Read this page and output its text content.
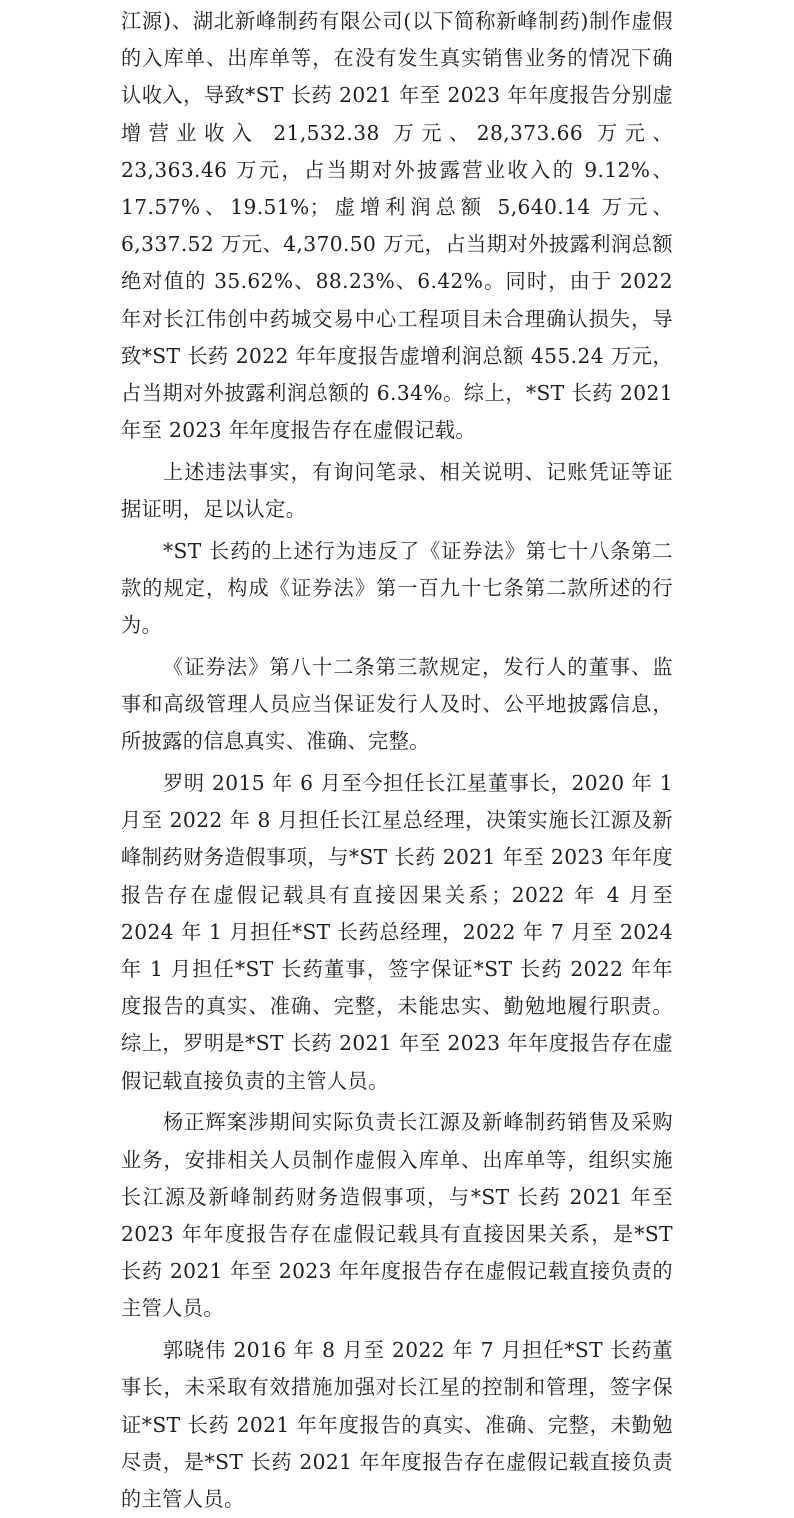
江源)、湖北新峰制药有限公司(以下简称新峰制药)制作虚假的入库单、出库单等，在没有发生真实销售业务的情况下确认收入，导致*ST 长药 2021 年至 2023 年年度报告分别虚增营业收入 21,532.38 万元、28,373.66 万元、23,363.46 万元，占当期对外披露营业收入的 9.12%、17.57%、19.51%；虚增利润总额 5,640.14 万元、6,337.52 万元、4,370.50 万元，占当期对外披露利润总额绝对值的 35.62%、88.23%、6.42%。同时，由于 2022 年对长江伟创中药城交易中心工程项目未合理确认损失，导致*ST 长药 2022 年年度报告虚增利润总额 455.24 万元，占当期对外披露利润总额的 6.34%。综上，*ST 长药 2021 年至 2023 年年度报告存在虚假记载。

上述违法事实，有询问笔录、相关说明、记账凭证等证据证明，足以认定。

*ST 长药的上述行为违反了《证券法》第七十八条第二款的规定，构成《证券法》第一百九十七条第二款所述的行为。

《证券法》第八十二条第三款规定，发行人的董事、监事和高级管理人员应当保证发行人及时、公平地披露信息，所披露的信息真实、准确、完整。

罗明 2015 年 6 月至今担任长江星董事长，2020 年 1 月至 2022 年 8 月担任长江星总经理，决策实施长江源及新峰制药财务造假事项，与*ST 长药 2021 年至 2023 年年度报告存在虚假记载具有直接因果关系；2022 年 4 月至 2024 年 1 月担任*ST 长药总经理，2022 年 7 月至 2024 年 1 月担任*ST 长药董事，签字保证*ST 长药 2022 年年度报告的真实、准确、完整，未能忠实、勤勉地履行职责。综上，罗明是*ST 长药 2021 年至 2023 年年度报告存在虚假记载直接负责的主管人员。

杨正辉案涉期间实际负责长江源及新峰制药销售及采购业务，安排相关人员制作虚假入库单、出库单等，组织实施长江源及新峰制药财务造假事项，与*ST 长药 2021 年至 2023 年年度报告存在虚假记载具有直接因果关系，是*ST 长药 2021 年至 2023 年年度报告存在虚假记载直接负责的主管人员。

郭晓伟 2016 年 8 月至 2022 年 7 月担任*ST 长药董事长，未采取有效措施加强对长江星的控制和管理，签字保证*ST 长药 2021 年年度报告的真实、准确、完整，未勤勉尽责，是*ST 长药 2021 年年度报告存在虚假记载直接负责的主管人员。
